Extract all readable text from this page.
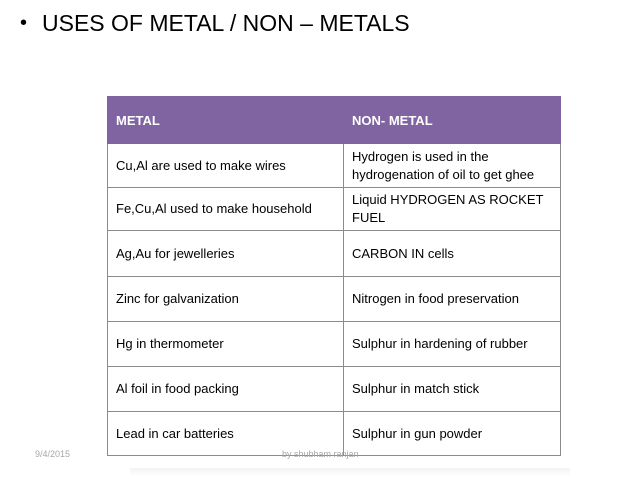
• USES OF METAL / NON – METALS
METAL	NON- METAL
Cu,Al are used to make wires	Hydrogen is used in the hydrogenation of oil to get ghee
Fe,Cu,Al used to make household	Liquid HYDROGEN AS ROCKET FUEL
Ag,Au for jewelleries	CARBON IN cells
Zinc for galvanization	Nitrogen in food preservation
Hg in thermometer	Sulphur in hardening of rubber
Al foil in food packing	Sulphur in match stick
Lead in car batteries	Sulphur in gun powder
9/4/2015	by shubham ranjan
